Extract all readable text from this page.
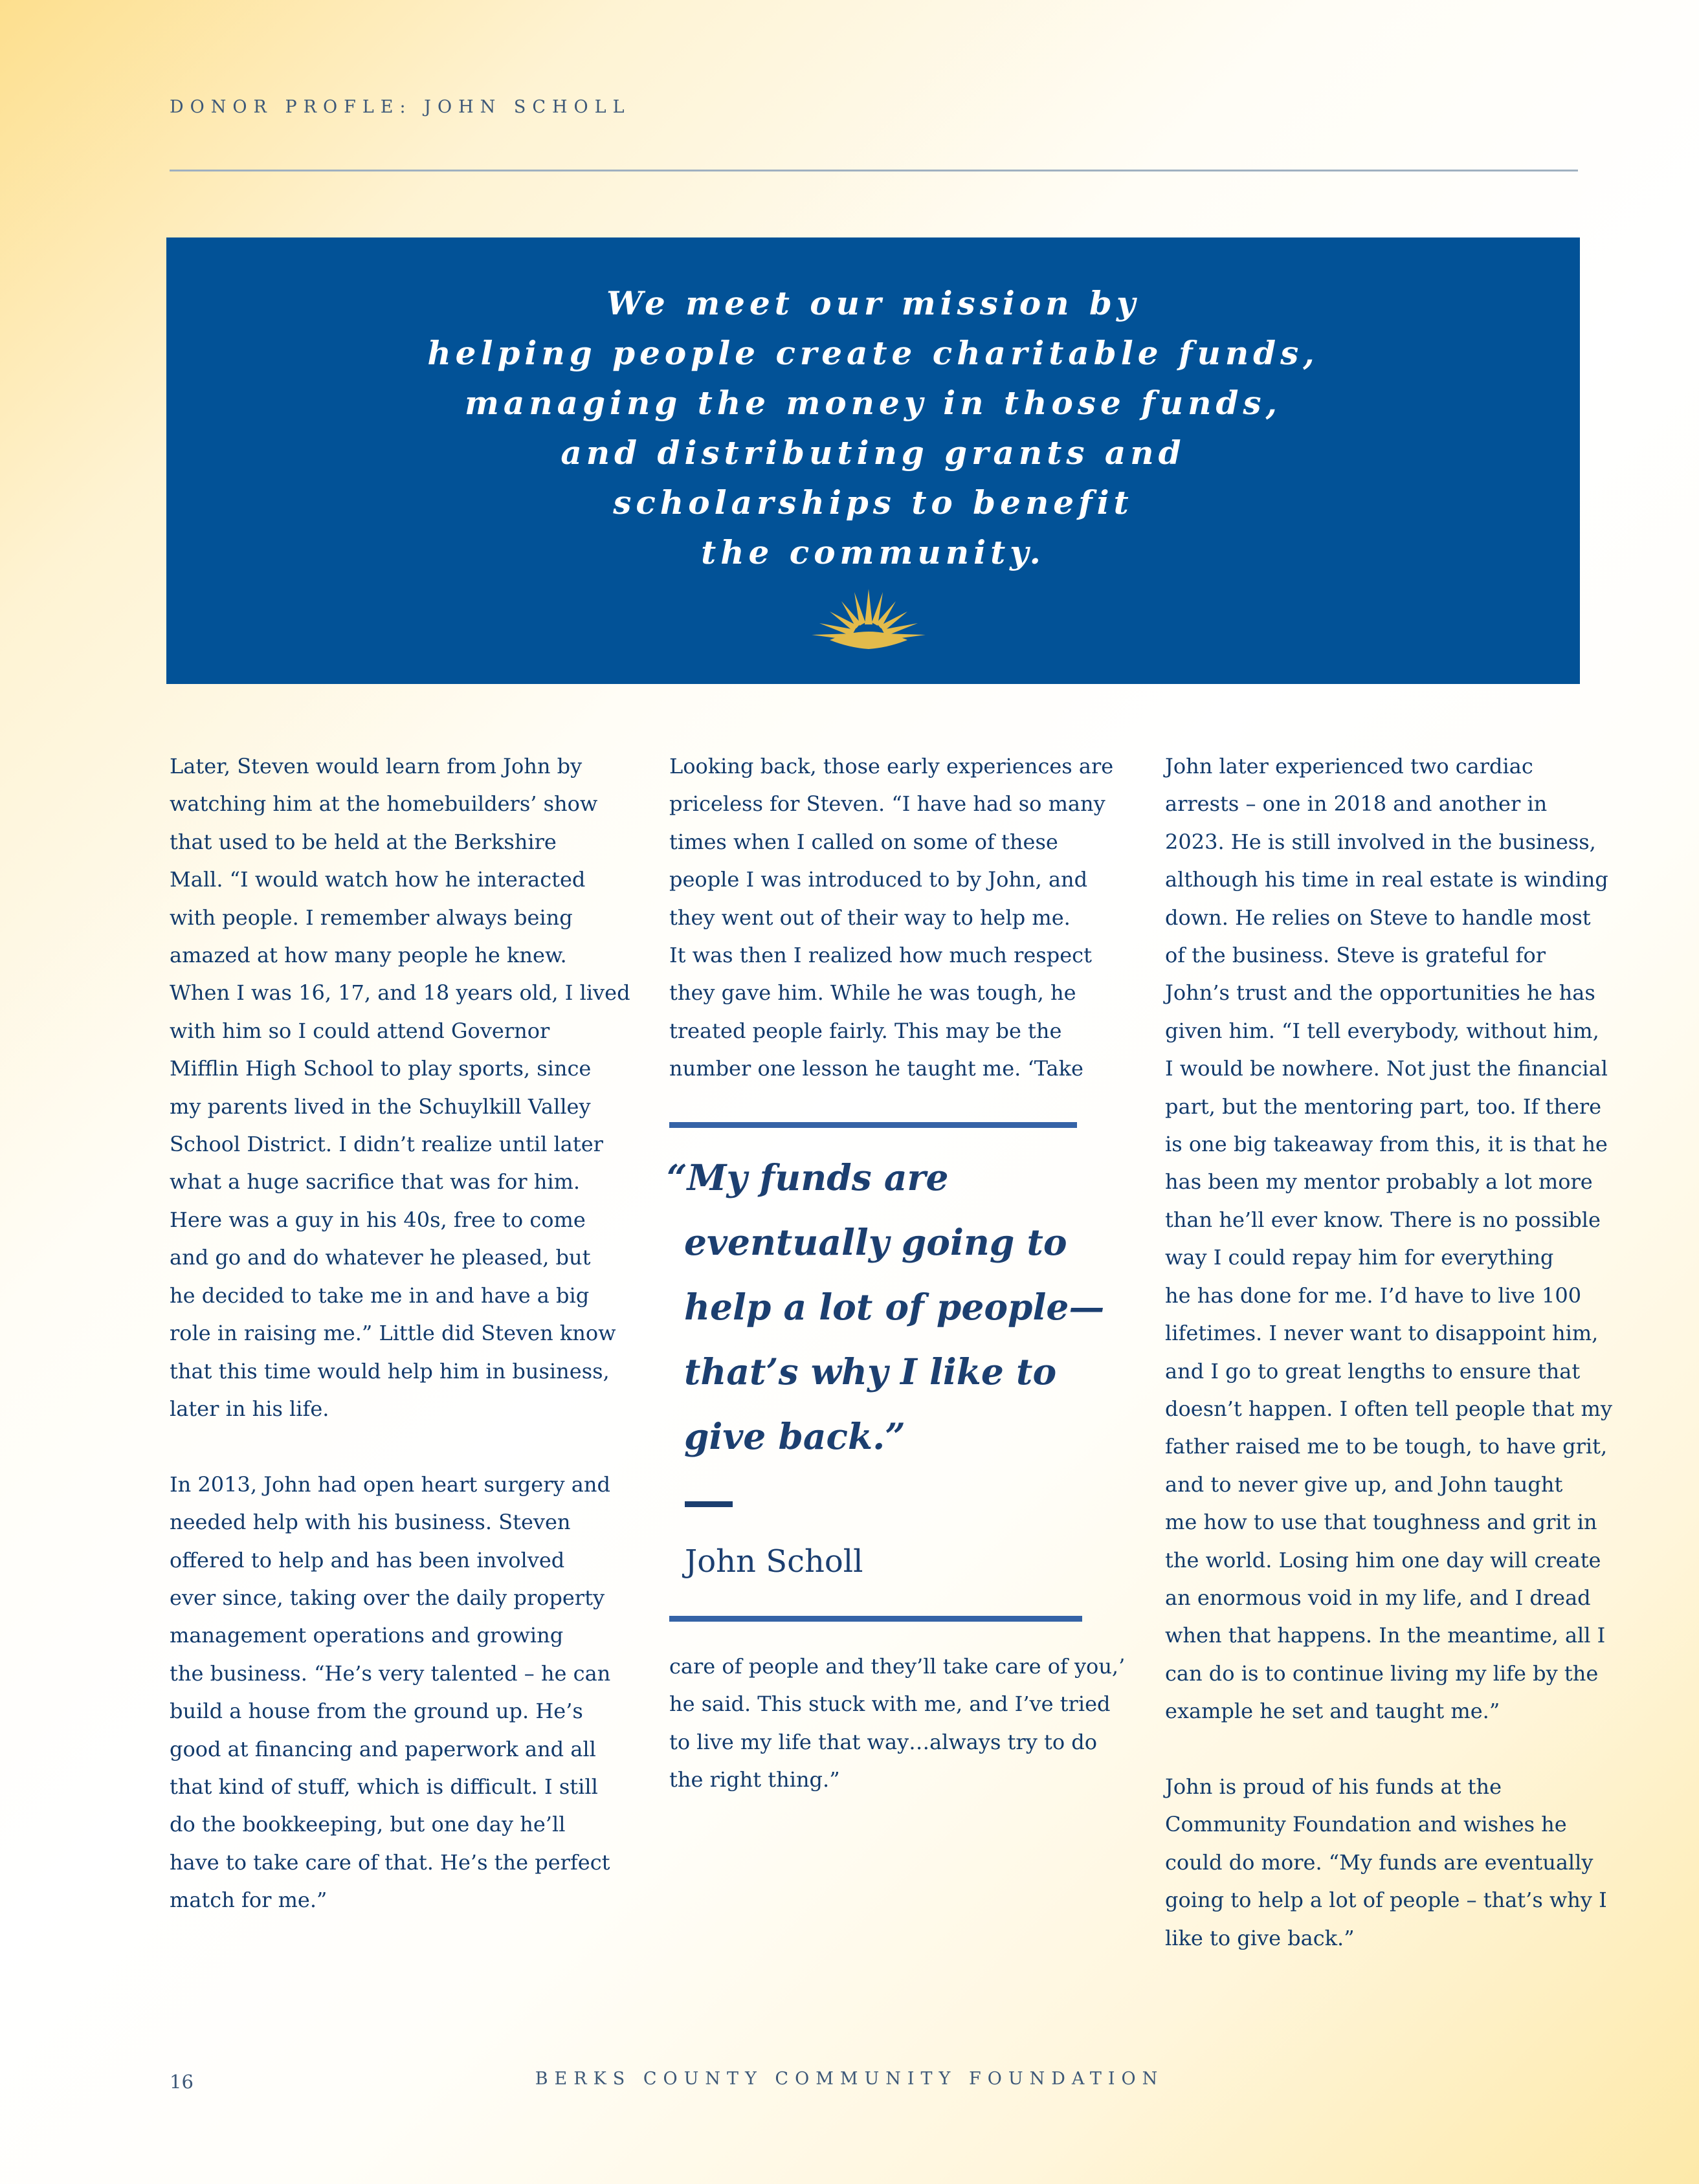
DONOR PROFLE: JOHN SCHOLL
We meet our mission by
helping people create charitable funds,
managing the money in those funds,
and distributing grants and
scholarships to benefit
the community.
Later, Steven would learn from John by
watching him at the homebuilders’ show
that used to be held at the Berkshire
Mall. “I would watch how he interacted
with people. I remember always being
amazed at how many people he knew.
When I was 16, 17, and 18 years old, I lived
with him so I could attend Governor
Mifflin High School to play sports, since
my parents lived in the Schuylkill Valley
School District. I didn’t realize until later
what a huge sacrifice that was for him.
Here was a guy in his 40s, free to come
and go and do whatever he pleased, but
he decided to take me in and have a big
role in raising me.” Little did Steven know
that this time would help him in business,
later in his life.
In 2013, John had open heart surgery and
needed help with his business. Steven
offered to help and has been involved
ever since, taking over the daily property
management operations and growing
the business. “He’s very talented – he can
build a house from the ground up. He’s
good at financing and paperwork and all
that kind of stuff, which is difficult. I still
do the bookkeeping, but one day he’ll
have to take care of that. He’s the perfect
match for me.”
Looking back, those early experiences are
priceless for Steven. “I have had so many
times when I called on some of these
people I was introduced to by John, and
they went out of their way to help me.
It was then I realized how much respect
they gave him. While he was tough, he
treated people fairly. This may be the
number one lesson he taught me. ‘Take
“My funds are
eventually going to
help a lot of people—
that’s why I like to
give back.”
John Scholl
care of people and they’ll take care of you,’
he said. This stuck with me, and I’ve tried
to live my life that way…always try to do
the right thing.”
John later experienced two cardiac
arrests – one in 2018 and another in
2023. He is still involved in the business,
although his time in real estate is winding
down. He relies on Steve to handle most
of the business. Steve is grateful for
John’s trust and the opportunities he has
given him. “I tell everybody, without him,
I would be nowhere. Not just the financial
part, but the mentoring part, too. If there
is one big takeaway from this, it is that he
has been my mentor probably a lot more
than he’ll ever know. There is no possible
way I could repay him for everything
he has done for me. I’d have to live 100
lifetimes. I never want to disappoint him,
and I go to great lengths to ensure that
doesn’t happen. I often tell people that my
father raised me to be tough, to have grit,
and to never give up, and John taught
me how to use that toughness and grit in
the world. Losing him one day will create
an enormous void in my life, and I dread
when that happens. In the meantime, all I
can do is to continue living my life by the
example he set and taught me.”
John is proud of his funds at the
Community Foundation and wishes he
could do more. “My funds are eventually
going to help a lot of people – that’s why I
like to give back.”
16	BERKS COUNTY COMMUNITY FOUNDATION
